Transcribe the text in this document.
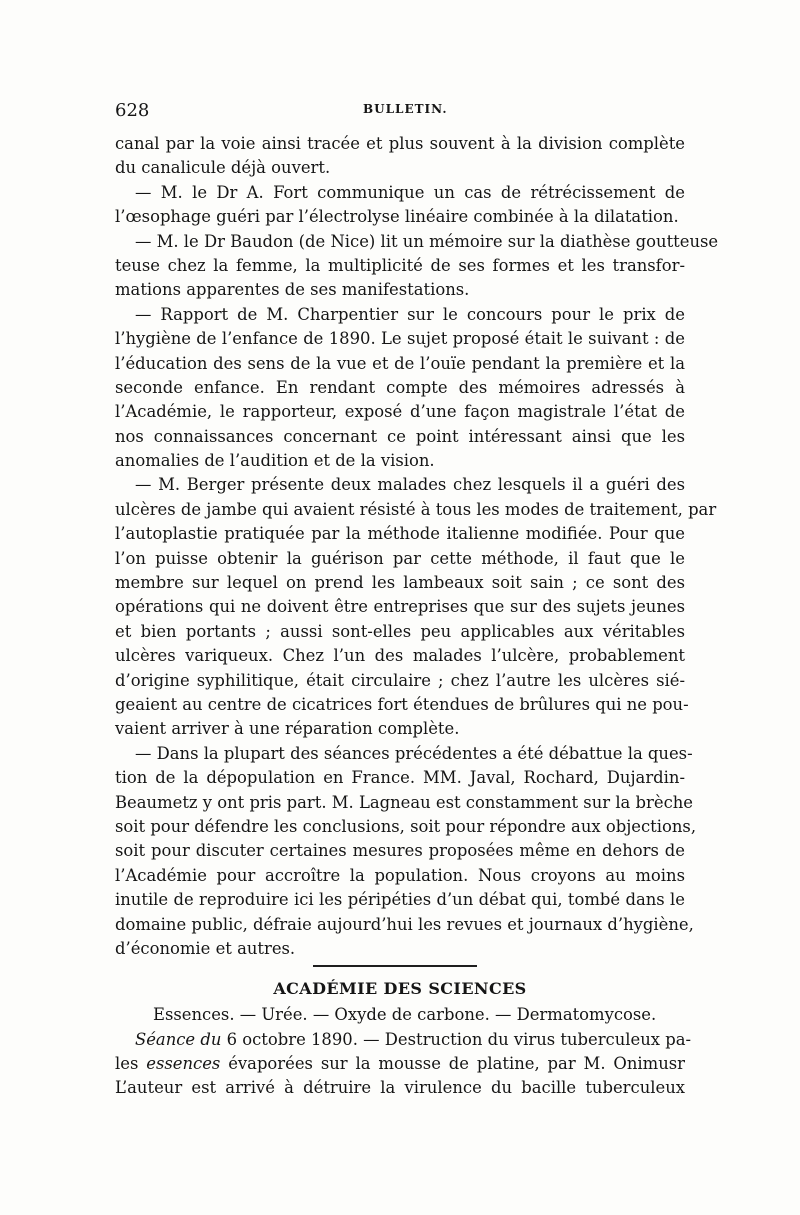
628	BULLETIN.
canal par la voie ainsi tracée et plus souvent à la division complète
du canalicule déjà ouvert.
— M. le Dr A. Fort communique un cas de rétrécissement de
l’œsophage guéri par l’électrolyse linéaire combinée à la dilatation.
— M. le Dr Baudon (de Nice) lit un mémoire sur la diathèse goutteuse
teuse chez la femme, la multiplicité de ses formes et les transfor-
mations apparentes de ses manifestations.
— Rapport de M. Charpentier sur le concours pour le prix de
l’hygiène de l’enfance de 1890. Le sujet proposé était le suivant : de
l’éducation des sens de la vue et de l’ouïe pendant la première et la
seconde enfance. En rendant compte des mémoires adressés à
l’Académie, le rapporteur, exposé d’une façon magistrale l’état de
nos connaissances concernant ce point intéressant ainsi que les
anomalies de l’audition et de la vision.
— M. Berger présente deux malades chez lesquels il a guéri des
ulcères de jambe qui avaient résisté à tous les modes de traitement, par
l’autoplastie pratiquée par la méthode italienne modifiée. Pour que
l’on puisse obtenir la guérison par cette méthode, il faut que le
membre sur lequel on prend les lambeaux soit sain ; ce sont des
opérations qui ne doivent être entreprises que sur des sujets jeunes
et bien portants ; aussi sont-elles peu applicables aux véritables
ulcères variqueux. Chez l’un des malades l’ulcère, probablement
d’origine syphilitique, était circulaire ; chez l’autre les ulcères sié-
geaient au centre de cicatrices fort étendues de brûlures qui ne pou-
vaient arriver à une réparation complète.
— Dans la plupart des séances précédentes a été débattue la ques-
tion de la dépopulation en France. MM. Javal, Rochard, Dujardin-
Beaumetz y ont pris part. M. Lagneau est constamment sur la brèche
soit pour défendre les conclusions, soit pour répondre aux objections,
soit pour discuter certaines mesures proposées même en dehors de
l’Académie pour accroître la population. Nous croyons au moins
inutile de reproduire ici les péripéties d’un débat qui, tombé dans le
domaine public, défraie aujourd’hui les revues et journaux d’hygiène,
d’économie et autres.
ACADÉMIE DES SCIENCES
Essences. — Urée. — Oxyde de carbone. — Dermatomycose.
Séance du 6 octobre 1890. — Destruction du virus tuberculeux pa-
les essences évaporées sur la mousse de platine, par M. Onimusr
L’auteur est arrivé à détruire la virulence du bacille tuberculeux
